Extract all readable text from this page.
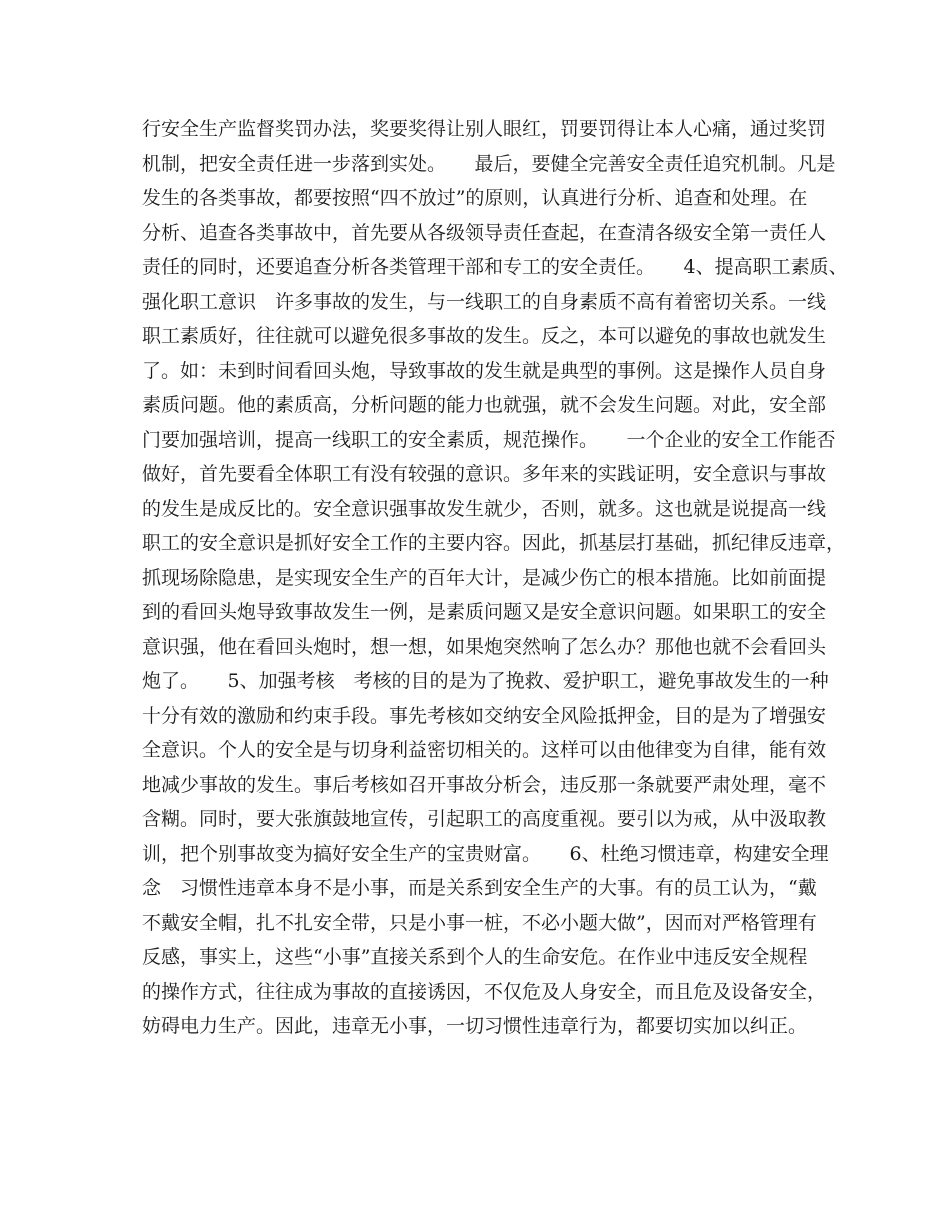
行安全生产监督奖罚办法，奖要奖得让别人眼红，罚要罚得让本人心痛，通过奖罚
机制，把安全责任进一步落到实处。　　最后，要健全完善安全责任追究机制。凡是
发生的各类事故，都要按照“四不放过”的原则，认真进行分析、追查和处理。在
分析、追查各类事故中，首先要从各级领导责任查起，在查清各级安全第一责任人
责任的同时，还要追查分析各类管理干部和专工的安全责任。　　4、提高职工素质、
强化职工意识　许多事故的发生，与一线职工的自身素质不高有着密切关系。一线
职工素质好，往往就可以避免很多事故的发生。反之，本可以避免的事故也就发生
了。如：未到时间看回头炮，导致事故的发生就是典型的事例。这是操作人员自身
素质问题。他的素质高，分析问题的能力也就强，就不会发生问题。对此，安全部
门要加强培训，提高一线职工的安全素质，规范操作。　　一个企业的安全工作能否
做好，首先要看全体职工有没有较强的意识。多年来的实践证明，安全意识与事故
的发生是成反比的。安全意识强事故发生就少，否则，就多。这也就是说提高一线
职工的安全意识是抓好安全工作的主要内容。因此，抓基层打基础，抓纪律反违章，
抓现场除隐患，是实现安全生产的百年大计，是减少伤亡的根本措施。比如前面提
到的看回头炮导致事故发生一例，是素质问题又是安全意识问题。如果职工的安全
意识强，他在看回头炮时，想一想，如果炮突然响了怎么办？那他也就不会看回头
炮了。　　5、加强考核　考核的目的是为了挽救、爱护职工，避免事故发生的一种
十分有效的激励和约束手段。事先考核如交纳安全风险抵押金，目的是为了增强安
全意识。个人的安全是与切身利益密切相关的。这样可以由他律变为自律，能有效
地减少事故的发生。事后考核如召开事故分析会，违反那一条就要严肃处理，毫不
含糊。同时，要大张旗鼓地宣传，引起职工的高度重视。要引以为戒，从中汲取教
训，把个别事故变为搞好安全生产的宝贵财富。　　6、杜绝习惯违章，构建安全理
念　习惯性违章本身不是小事，而是关系到安全生产的大事。有的员工认为，“戴
不戴安全帽，扎不扎安全带，只是小事一桩，不必小题大做”，因而对严格管理有
反感，事实上，这些“小事”直接关系到个人的生命安危。在作业中违反安全规程
的操作方式，往往成为事故的直接诱因，不仅危及人身安全，而且危及设备安全，
妨碍电力生产。因此，违章无小事，一切习惯性违章行为，都要切实加以纠正。
